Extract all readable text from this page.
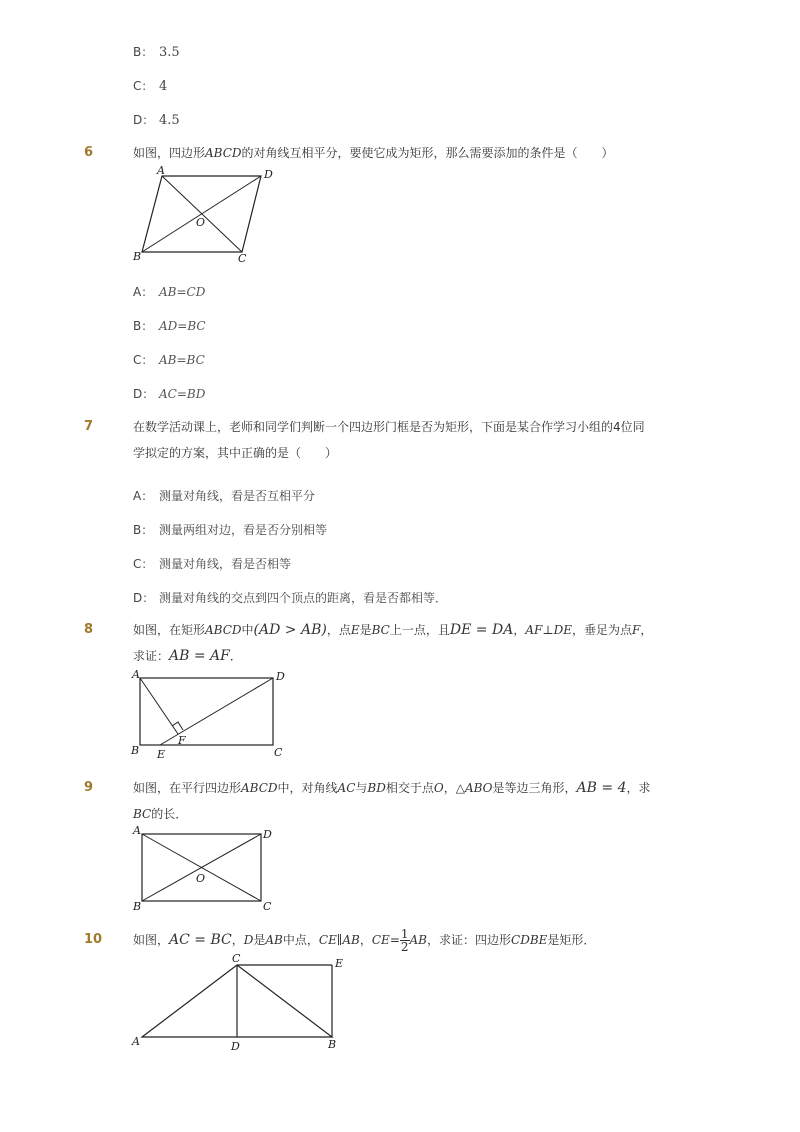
B： 3.5
C： 4
D： 4.5
6	如图，四边形ABCD的对角线互相平分，要使它成为矩形，那么需要添加的条件是（　　）
A	D
O
B	C
A： AB=CD
B： AD=BC
C： AB=BC
D： AC=BD
7	在数学活动课上，老师和同学们判断一个四边形门框是否为矩形，下面是某合作学习小组的4位同
学拟定的方案，其中正确的是（　　）
A： 测量对角线，看是否互相平分
B： 测量两组对边，看是否分别相等
C： 测量对角线，看是否相等
D： 测量对角线的交点到四个顶点的距离，看是否都相等．
8	如图，在矩形ABCD中(AD > AB)，点E是BC上一点，且DE = DA，AF⊥DE，垂足为点F，
求证：AB = AF．
A	D
F
B E	C
9	如图，在平行四边形ABCD中，对角线AC与BD相交于点O，△ABO是等边三角形，AB = 4，求
BC的长．
A	D
O
B	C
10	如图，AC = BC，D是AB中点，CE∥AB，$CE= \frac{1}{2}$ AB，求证：四边形CDBE是矩形．
C	E
A	D	B
